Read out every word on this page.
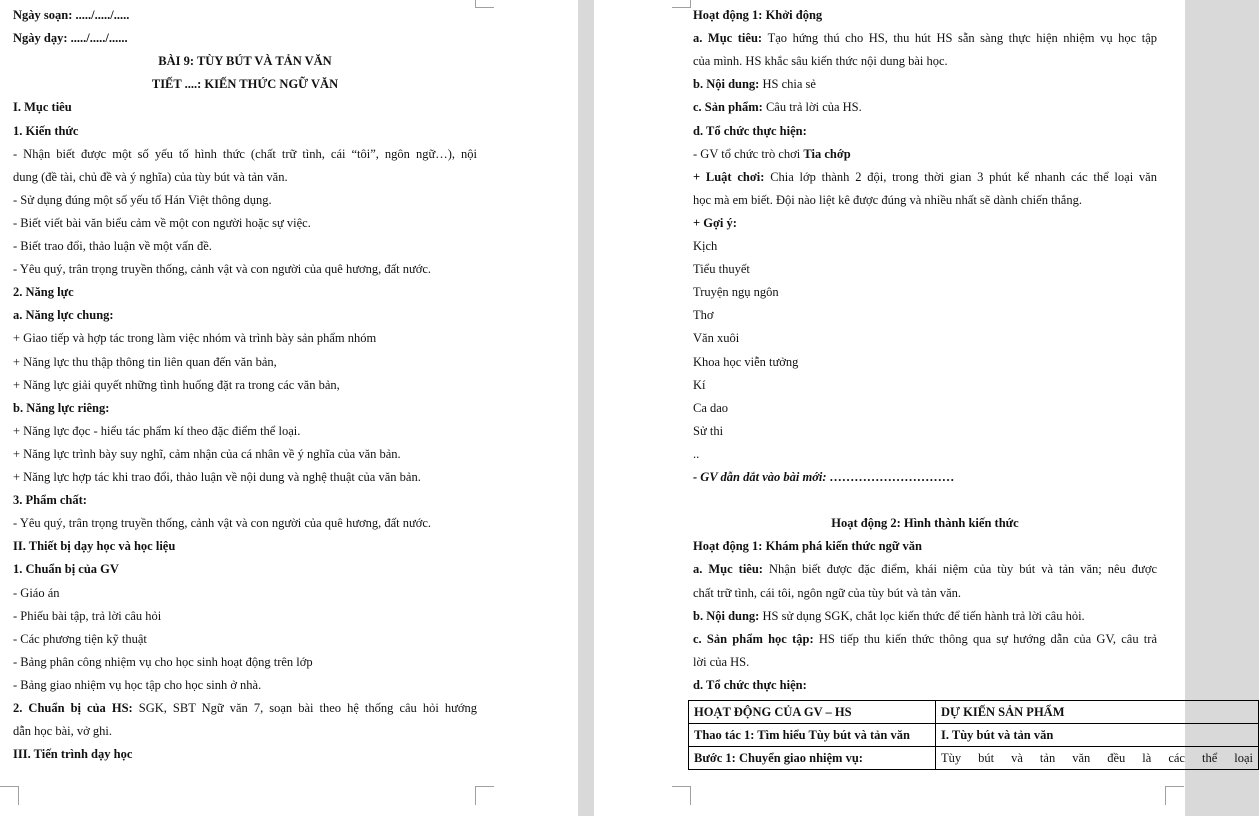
Ngày soạn: ...../...../.....
Ngày dạy: ...../...../......
BÀI 9: TÙY BÚT VÀ TẢN VĂN
TIẾT ....: KIẾN THỨC NGỮ VĂN
I. Mục tiêu
1. Kiến thức
- Nhận biết được một số yếu tố hình thức (chất trữ tình, cái “tôi”, ngôn ngữ…), nội
dung (đề tài, chủ đề và ý nghĩa) của tùy bút và tản văn.
- Sử dụng đúng một số yếu tố Hán Việt thông dụng.
- Biết viết bài văn biểu cảm về một con người hoặc sự việc.
- Biết trao đổi, thảo luận về một vấn đề.
- Yêu quý, trân trọng truyền thống, cảnh vật và con người của quê hương, đất nước.
2. Năng lực
a. Năng lực chung:
+ Giao tiếp và hợp tác trong làm việc nhóm và trình bày sản phẩm nhóm
+ Năng lực thu thập thông tin liên quan đến văn bản,
+ Năng lực giải quyết những tình huống đặt ra trong các văn bản,
b. Năng lực riêng:
+ Năng lực đọc - hiểu tác phẩm kí theo đặc điểm thể loại.
+ Năng lực trình bày suy nghĩ, cảm nhận của cá nhân về ý nghĩa của văn bản.
+ Năng lực hợp tác khi trao đổi, thảo luận về nội dung và nghệ thuật của văn bản.
3. Phẩm chất:
- Yêu quý, trân trọng truyền thống, cảnh vật và con người của quê hương, đất nước.
II. Thiết bị dạy học và học liệu
1. Chuẩn bị của GV
- Giáo án
- Phiếu bài tập, trả lời câu hỏi
- Các phương tiện kỹ thuật
- Bảng phân công nhiệm vụ cho học sinh hoạt động trên lớp
- Bảng giao nhiệm vụ học tập cho học sinh ở nhà.
2. Chuẩn bị của HS: SGK, SBT Ngữ văn 7, soạn bài theo hệ thống câu hỏi hướng
dẫn học bài, vở ghi.
III. Tiến trình dạy học
Hoạt động 1: Khởi động
a. Mục tiêu: Tạo hứng thú cho HS, thu hút HS sẵn sàng thực hiện nhiệm vụ học tập
của mình. HS khắc sâu kiến thức nội dung bài học.
b. Nội dung: HS chia sẻ
c. Sản phẩm: Câu trả lời của HS.
d. Tổ chức thực hiện:
- GV tổ chức trò chơi Tia chớp
+ Luật chơi: Chia lớp thành 2 đội, trong thời gian 3 phút kể nhanh các thể loại văn
học mà em biết. Đội nào liệt kê được đúng và nhiều nhất sẽ dành chiến thắng.
+ Gợi ý:
Kịch
Tiểu thuyết
Truyện ngụ ngôn
Thơ
Văn xuôi
Khoa học viễn tưởng
Kí
Ca dao
Sử thi
..
- GV dẫn dắt vào bài mới: …………………………
Hoạt động 2: Hình thành kiến thức
Hoạt động 1: Khám phá kiến thức ngữ văn
a. Mục tiêu: Nhận biết được đặc điểm, khái niệm của tùy bút và tản văn; nêu được
chất trữ tình, cái tôi, ngôn ngữ của tùy bút và tản văn.
b. Nội dung: HS sử dụng SGK, chắt lọc kiến thức để tiến hành trả lời câu hỏi.
c. Sản phẩm học tập: HS tiếp thu kiến thức thông qua sự hướng dẫn của GV, câu trả
lời của HS.
d. Tổ chức thực hiện:
HOẠT ĐỘNG CỦA GV – HS	DỰ KIẾN SẢN PHẨM
Thao tác 1: Tìm hiểu Tùy bút và tản văn	I. Tùy bút và tản văn
Bước 1: Chuyển giao nhiệm vụ:	Tùy bút và tản văn đều là các thể loại
